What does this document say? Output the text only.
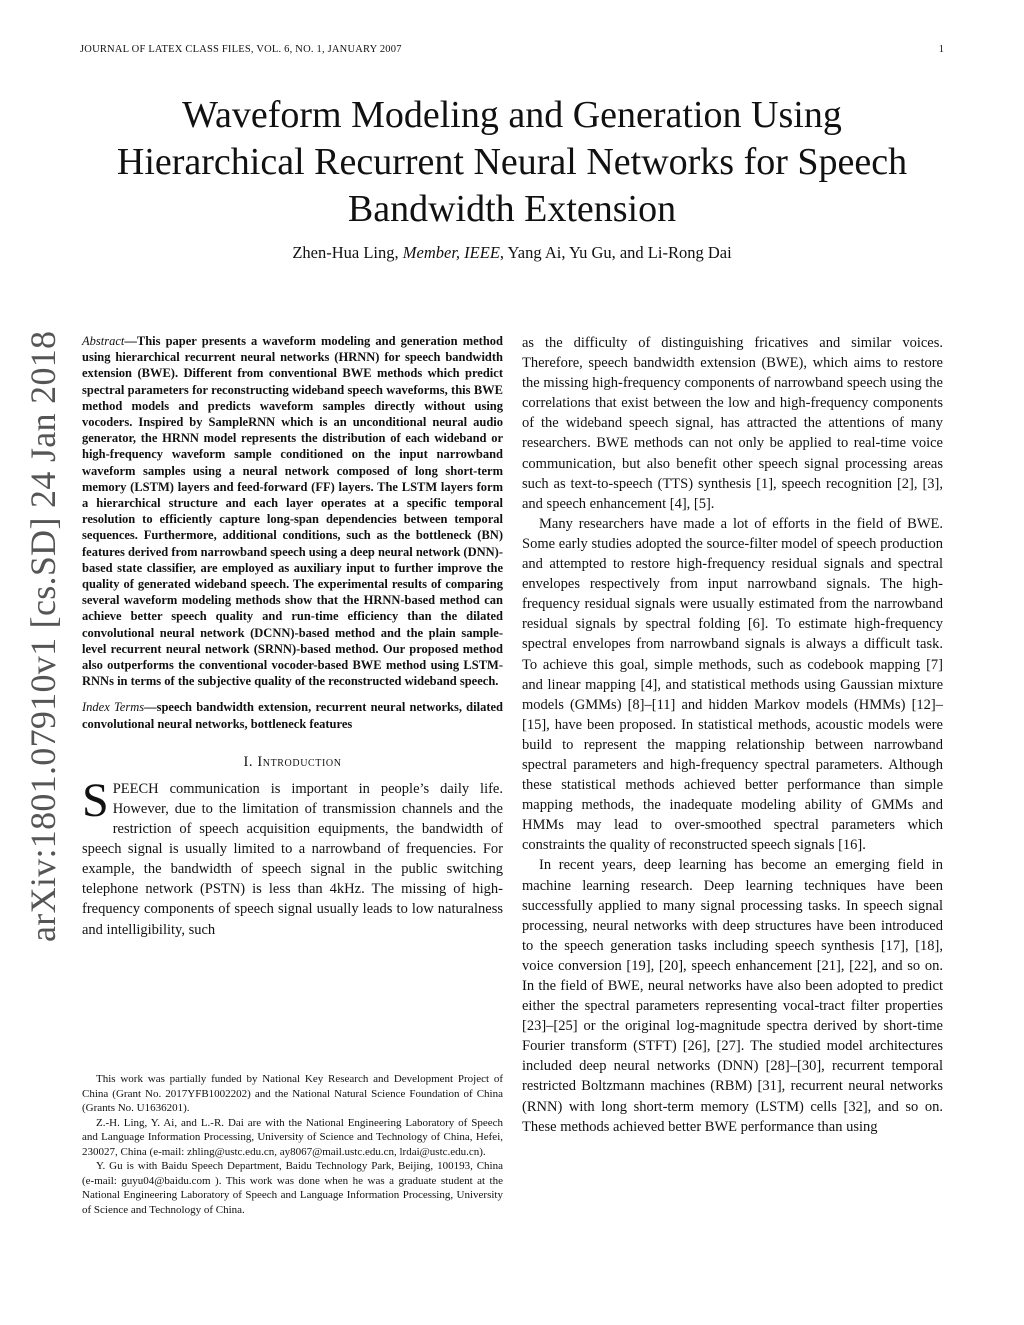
JOURNAL OF LATEX CLASS FILES, VOL. 6, NO. 1, JANUARY 2007	1
Waveform Modeling and Generation Using
Hierarchical Recurrent Neural Networks for Speech
Bandwidth Extension
Zhen-Hua Ling, Member, IEEE, Yang Ai, Yu Gu, and Li-Rong Dai
arXiv:1801.07910v1 [cs.SD] 24 Jan 2018 Abstract—This paper presents a waveform modeling and generation method using hierarchical recurrent neural networks (HRNN) for speech bandwidth extension (BWE). Different from conventional BWE methods which predict spectral parameters for reconstructing wideband speech waveforms, this BWE method models and predicts waveform samples directly without using vocoders. Inspired by SampleRNN which is an unconditional neural audio generator, the HRNN model represents the distribution of each wideband or high-frequency waveform sample conditioned on the input narrowband waveform samples using a neural network composed of long short-term memory (LSTM) layers and feed-forward (FF) layers. The LSTM layers form a hierarchical structure and each layer operates at a specific temporal resolution to efficiently capture long-span dependencies between temporal sequences. Furthermore, additional conditions, such as the bottleneck (BN) features derived from narrowband speech using a deep neural network (DNN)-based state classifier, are employed as auxiliary input to further improve the quality of generated wideband speech. The experimental results of comparing several waveform modeling methods show that the HRNN-based method can achieve better speech quality and run-time efficiency than the dilated convolutional neural network (DCNN)-based method and the plain sample-level recurrent neural network (SRNN)-based method. Our proposed method also outperforms the conventional vocoder-based BWE method using LSTM-RNNs in terms of the subjective quality of the reconstructed wideband speech.
Index Terms—speech bandwidth extension, recurrent neural networks, dilated convolutional neural networks, bottleneck features
I. Introduction
SPEECH communication is important in people’s daily life. However, due to the limitation of transmission channels and the restriction of speech acquisition equipments, the bandwidth of speech signal is usually limited to a narrowband of frequencies. For example, the bandwidth of speech signal in the public switching telephone network (PSTN) is less than 4kHz. The missing of high-frequency components of speech signal usually leads to low naturalness and intelligibility, such

This work was partially funded by National Key Research and Development Project of China (Grant No. 2017YFB1002202) and the National Natural Science Foundation of China (Grants No. U1636201).

Z.-H. Ling, Y. Ai, and L.-R. Dai are with the National Engineering Laboratory of Speech and Language Information Processing, University of Science and Technology of China, Hefei, 230027, China (e-mail: zhling@ustc.edu.cn, ay8067@mail.ustc.edu.cn, lrdai@ustc.edu.cn).

Y. Gu is with Baidu Speech Department, Baidu Technology Park, Beijing, 100193, China (e-mail: guyu04@baidu.com ). This work was done when he was a graduate student at the National Engineering Laboratory of Speech and Language Information Processing, University of Science and Technology of China.

as the difficulty of distinguishing fricatives and similar voices. Therefore, speech bandwidth extension (BWE), which aims to restore the missing high-frequency components of narrowband speech using the correlations that exist between the low and high-frequency components of the wideband speech signal, has attracted the attentions of many researchers. BWE methods can not only be applied to real-time voice communication, but also benefit other speech signal processing areas such as text-to-speech (TTS) synthesis [1], speech recognition [2], [3], and speech enhancement [4], [5].

Many researchers have made a lot of efforts in the field of BWE. Some early studies adopted the source-filter model of speech production and attempted to restore high-frequency residual signals and spectral envelopes respectively from input narrowband signals. The high-frequency residual signals were usually estimated from the narrowband residual signals by spectral folding [6]. To estimate high-frequency spectral envelopes from narrowband signals is always a difficult task. To achieve this goal, simple methods, such as codebook mapping [7] and linear mapping [4], and statistical methods using Gaussian mixture models (GMMs) [8]–[11] and hidden Markov models (HMMs) [12]–[15], have been proposed. In statistical methods, acoustic models were build to represent the mapping relationship between narrowband spectral parameters and high-frequency spectral parameters. Although these statistical methods achieved better performance than simple mapping methods, the inadequate modeling ability of GMMs and HMMs may lead to over-smoothed spectral parameters which constraints the quality of reconstructed speech signals [16].

In recent years, deep learning has become an emerging field in machine learning research. Deep learning techniques have been successfully applied to many signal processing tasks. In speech signal processing, neural networks with deep structures have been introduced to the speech generation tasks including speech synthesis [17], [18], voice conversion [19], [20], speech enhancement [21], [22], and so on. In the field of BWE, neural networks have also been adopted to predict either the spectral parameters representing vocal-tract filter properties [23]–[25] or the original log-magnitude spectra derived by short-time Fourier transform (STFT) [26], [27]. The studied model architectures included deep neural networks (DNN) [28]–[30], recurrent temporal restricted Boltzmann machines (RBM) [31], recurrent neural networks (RNN) with long short-term memory (LSTM) cells [32], and so on. These methods achieved better BWE performance than using
